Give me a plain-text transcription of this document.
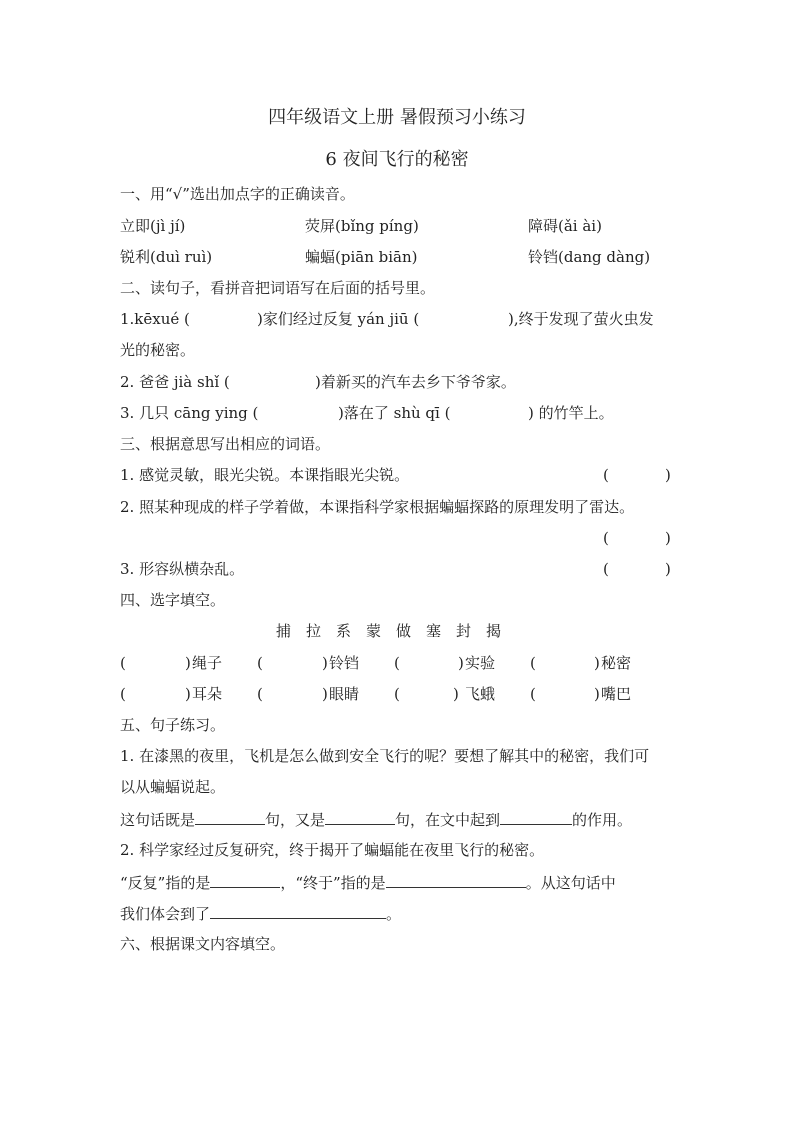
四年级语文上册 暑假预习小练习
6 夜间飞行的秘密
一、用“√”选出加点字的正确读音。
立即(jì jí)	荧屏(bǐng píng)	障碍(ǎi ài)
锐利(duì ruì)	蝙蝠(piān biān)	铃铛(dang dàng)
二、读句子，看拼音把词语写在后面的括号里。
1.kēxué (	)家们经过反复 yán jiū (	),终于发现了萤火虫发
光的秘密。
2. 爸爸 jià shǐ (	)着新买的汽车去乡下爷爷家。
3. 几只 cāng ying (	)落在了 shù qī (	) 的竹竿上。
三、根据意思写出相应的词语。
1. 感觉灵敏，眼光尖锐。本课指眼光尖锐。	(	)
2. 照某种现成的样子学着做，本课指科学家根据蝙蝠探路的原理发明了雷达。
(	)
3. 形容纵横杂乱。	(	)
四、选字填空。
捕 拉 系 蒙 做 塞 封 揭
(	) 绳子 (	) 铃铛 (	) 实验 (	) 秘密
(	) 耳朵 (	) 眼睛 (	) 飞蛾 (	) 嘴巴
五、句子练习。
1. 在漆黑的夜里，飞机是怎么做到安全飞行的呢？要想了解其中的秘密，我们可
以从蝙蝠说起。
这句话既是	句，又是	句，在文中起到	的作用。
2. 科学家经过反复研究，终于揭开了蝙蝠能在夜里飞行的秘密。
“反复”指的是	，“终于”指的是	。从这句话中
我们体会到了	。
六、根据课文内容填空。
